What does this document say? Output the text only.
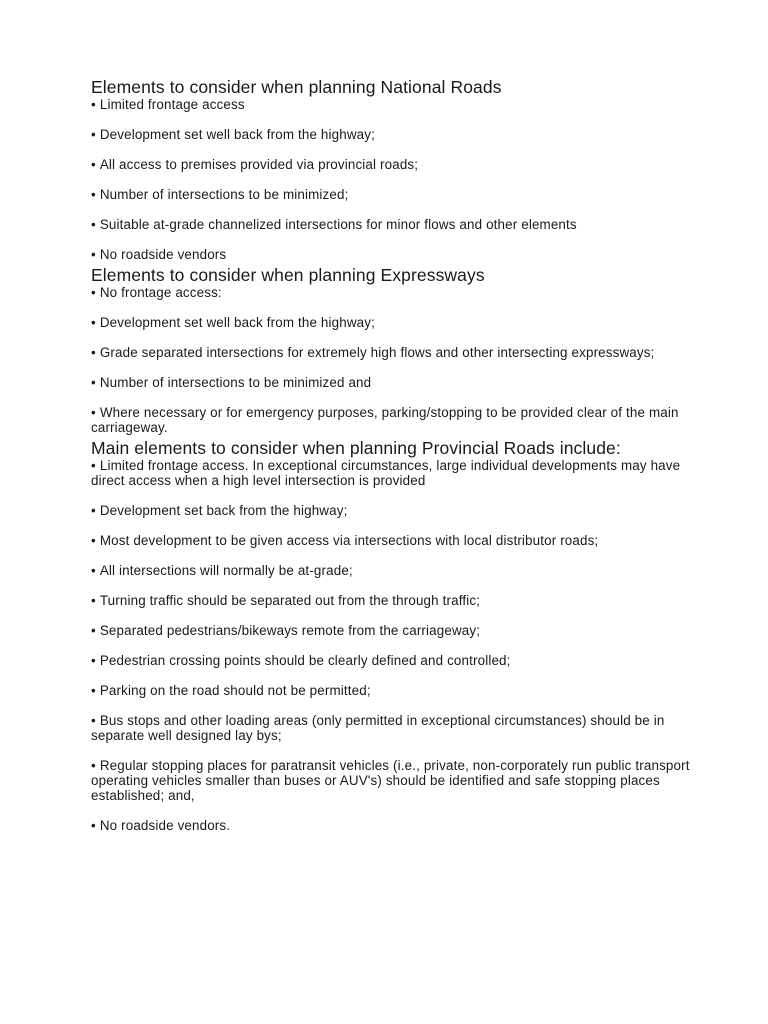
Elements to consider when planning National Roads
• Limited frontage access
• Development set well back from the highway;
• All access to premises provided via provincial roads;
• Number of intersections to be minimized;
• Suitable at-grade channelized intersections for minor flows and other elements
• No roadside vendors
Elements to consider when planning Expressways
• No frontage access:
• Development set well back from the highway;
• Grade separated intersections for extremely high flows and other intersecting expressways;
• Number of intersections to be minimized and
• Where necessary or for emergency purposes, parking/stopping to be provided clear of the main carriageway.
Main elements to consider when planning Provincial Roads include:
• Limited frontage access. In exceptional circumstances, large individual developments may have direct access when a high level intersection is provided
• Development set back from the highway;
• Most development to be given access via intersections with local distributor roads;
• All intersections will normally be at-grade;
• Turning traffic should be separated out from the through traffic;
• Separated pedestrians/bikeways remote from the carriageway;
• Pedestrian crossing points should be clearly defined and controlled;
• Parking on the road should not be permitted;
• Bus stops and other loading areas (only permitted in exceptional circumstances) should be in separate well designed lay bys;
• Regular stopping places for paratransit vehicles (i.e., private, non-corporately run public transport operating vehicles smaller than buses or AUV's) should be identified and safe stopping places established; and,
• No roadside vendors.
